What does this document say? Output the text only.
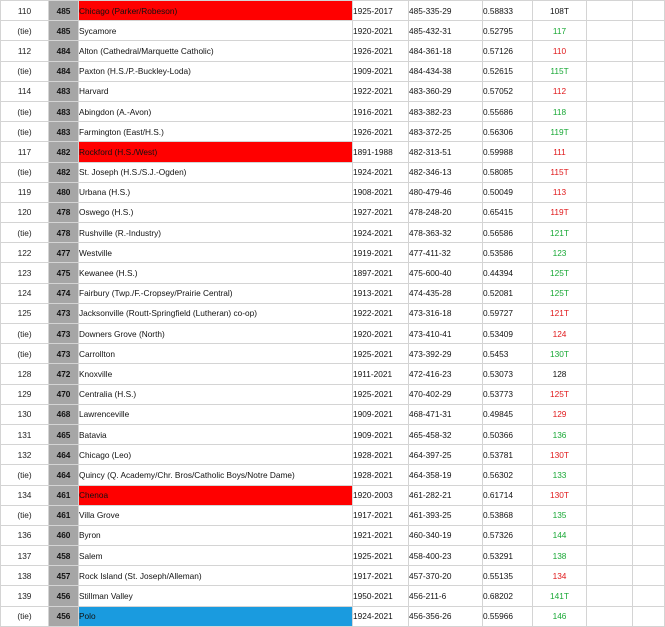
110	485	Chicago (Parker/Robeson)	1925-2017	485-335-29	0.58833	108T		
(tie)	485	Sycamore	1920-2021	485-432-31	0.52795	117		
112	484	Alton (Cathedral/Marquette Catholic)	1926-2021	484-361-18	0.57126	110		
(tie)	484	Paxton (H.S./P.-Buckley-Loda)	1909-2021	484-434-38	0.52615	115T		
114	483	Harvard	1922-2021	483-360-29	0.57052	112		
(tie)	483	Abingdon (A.-Avon)	1916-2021	483-382-23	0.55686	118		
(tie)	483	Farmington (East/H.S.)	1926-2021	483-372-25	0.56306	119T		
117	482	Rockford (H.S./West)	1891-1988	482-313-51	0.59988	111		
(tie)	482	St. Joseph (H.S./S.J.-Ogden)	1924-2021	482-346-13	0.58085	115T		
119	480	Urbana (H.S.)	1908-2021	480-479-46	0.50049	113		
120	478	Oswego (H.S.)	1927-2021	478-248-20	0.65415	119T		
(tie)	478	Rushville (R.-Industry)	1924-2021	478-363-32	0.56586	121T		
122	477	Westville	1919-2021	477-411-32	0.53586	123		
123	475	Kewanee (H.S.)	1897-2021	475-600-40	0.44394	125T		
124	474	Fairbury (Twp./F.-Cropsey/Prairie Central)	1913-2021	474-435-28	0.52081	125T		
125	473	Jacksonville (Routt-Springfield (Lutheran) co-op)	1922-2021	473-316-18	0.59727	121T		
(tie)	473	Downers Grove (North)	1920-2021	473-410-41	0.53409	124		
(tie)	473	Carrollton	1925-2021	473-392-29	0.5453	130T		
128	472	Knoxville	1911-2021	472-416-23	0.53073	128		
129	470	Centralia (H.S.)	1925-2021	470-402-29	0.53773	125T		
130	468	Lawrenceville	1909-2021	468-471-31	0.49845	129		
131	465	Batavia	1909-2021	465-458-32	0.50366	136		
132	464	Chicago (Leo)	1928-2021	464-397-25	0.53781	130T		
(tie)	464	Quincy (Q. Academy/Chr. Bros/Catholic Boys/Notre Dame)	1928-2021	464-358-19	0.56302	133		
134	461	Chenoa	1920-2003	461-282-21	0.61714	130T		
(tie)	461	Villa Grove	1917-2021	461-393-25	0.53868	135		
136	460	Byron	1921-2021	460-340-19	0.57326	144		
137	458	Salem	1925-2021	458-400-23	0.53291	138		
138	457	Rock Island (St. Joseph/Alleman)	1917-2021	457-370-20	0.55135	134		
139	456	Stillman Valley	1950-2021	456-211-6	0.68202	141T		
(tie)	456	Polo	1924-2021	456-356-26	0.55966	146		
